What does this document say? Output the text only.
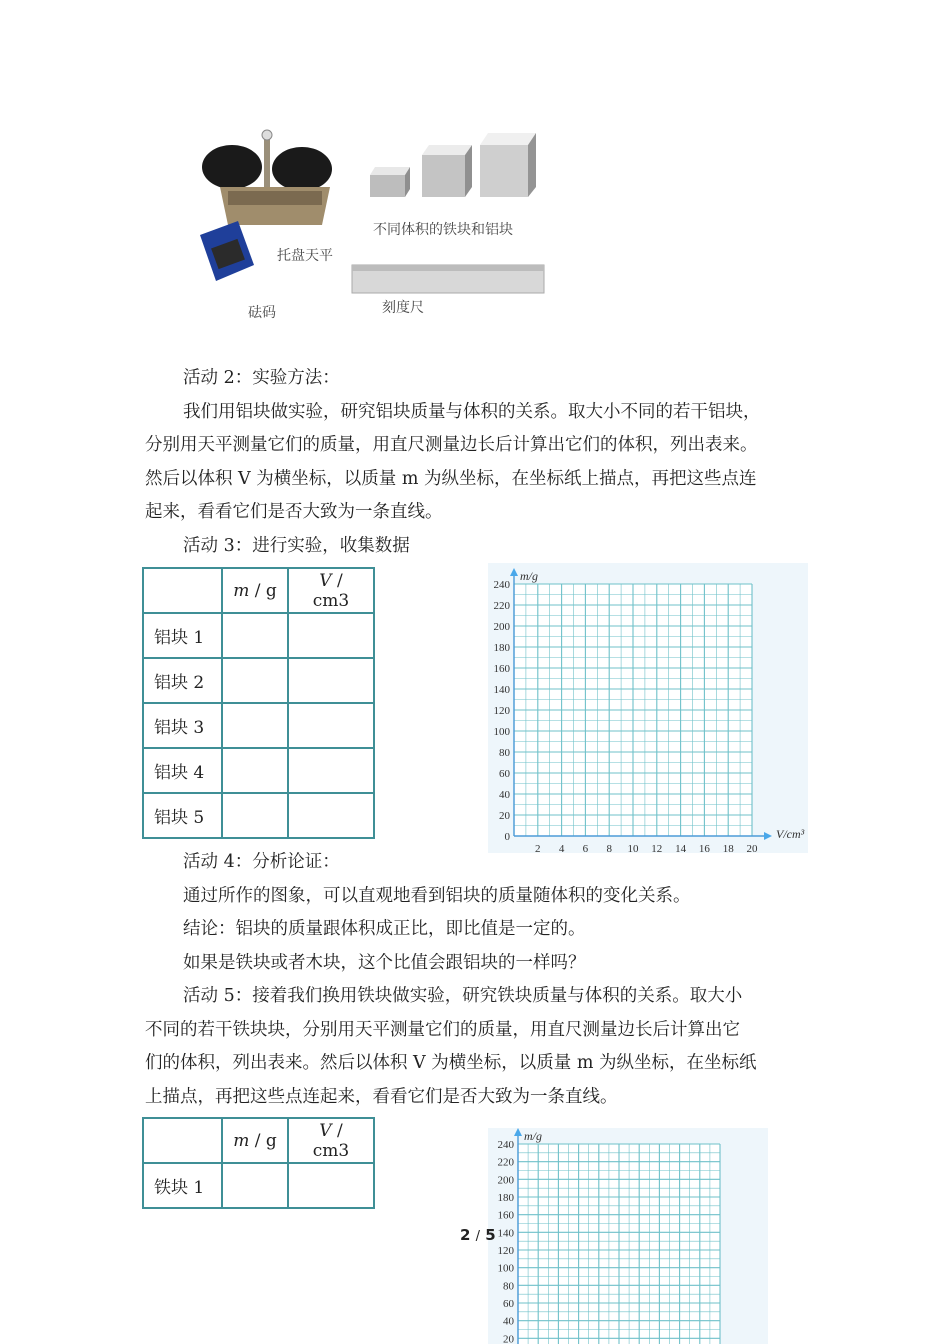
托盘天平
砝码
不同体积的铁块和铝块
刻度尺
活动 2：实验方法：
我们用铝块做实验，研究铝块质量与体积的关系。取大小不同的若干铝块，
分别用天平测量它们的质量，用直尺测量边长后计算出它们的体积，列出表来。
然后以体积 V 为横坐标，以质量 m 为纵坐标，在坐标纸上描点，再把这些点连
起来，看看它们是否大致为一条直线。
活动 3：进行实验，收集数据
	m / g	V / cm3
铝块 1		
铝块 2		
铝块 3		
铝块 4		
铝块 5		
0
20
40
60
80
100
120
140
160
180
200
220
240
2 4 6 8 10 12 14 16 18 20
m/g
V/cm³
活动 4：分析论证：
通过所作的图象，可以直观地看到铝块的质量随体积的变化关系。
结论：铝块的质量跟体积成正比，即比值是一定的。
如果是铁块或者木块，这个比值会跟铝块的一样吗？
活动 5：接着我们换用铁块做实验，研究铁块质量与体积的关系。取大小
不同的若干铁块块，分别用天平测量它们的质量，用直尺测量边长后计算出它
们的体积，列出表来。然后以体积 V 为横坐标，以质量 m 为纵坐标，在坐标纸
上描点，再把这些点连起来，看看它们是否大致为一条直线。
	m / g	V / cm3
铁块 1		
20
40
60
80
100
120
140
160
180
200
220
240
m/g
2 / 5
